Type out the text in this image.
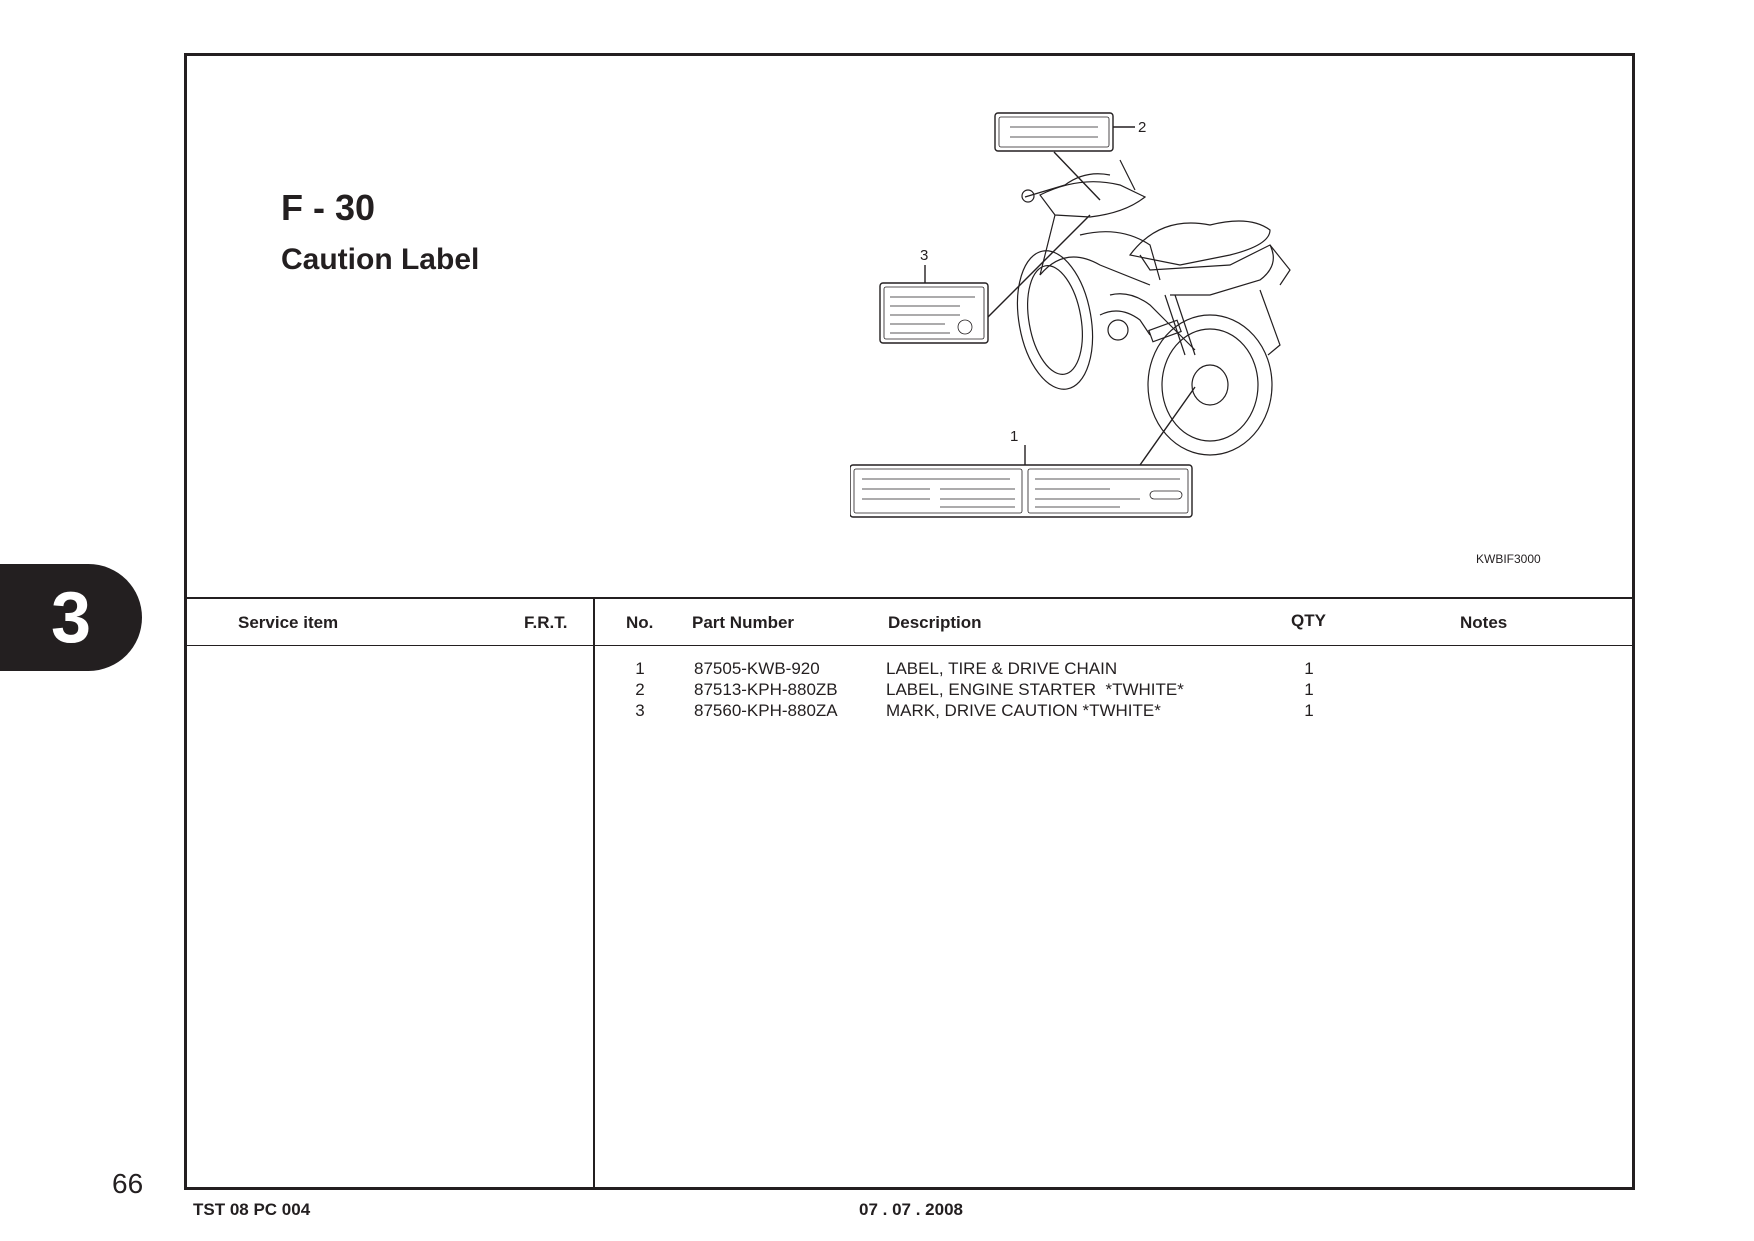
3
F - 30
Caution Label
2
3
1
KWBIF3000
Service item	F.R.T.	No. Part Number	Description	QTY	Notes
1	87505-KWB-920	LABEL, TIRE & DRIVE CHAIN	1
2	87513-KPH-880ZB	LABEL, ENGINE STARTER  *TWHITE*	1
3	87560-KPH-880ZA	MARK, DRIVE CAUTION *TWHITE*	1
66
TST 08 PC 004	07 . 07 . 2008
